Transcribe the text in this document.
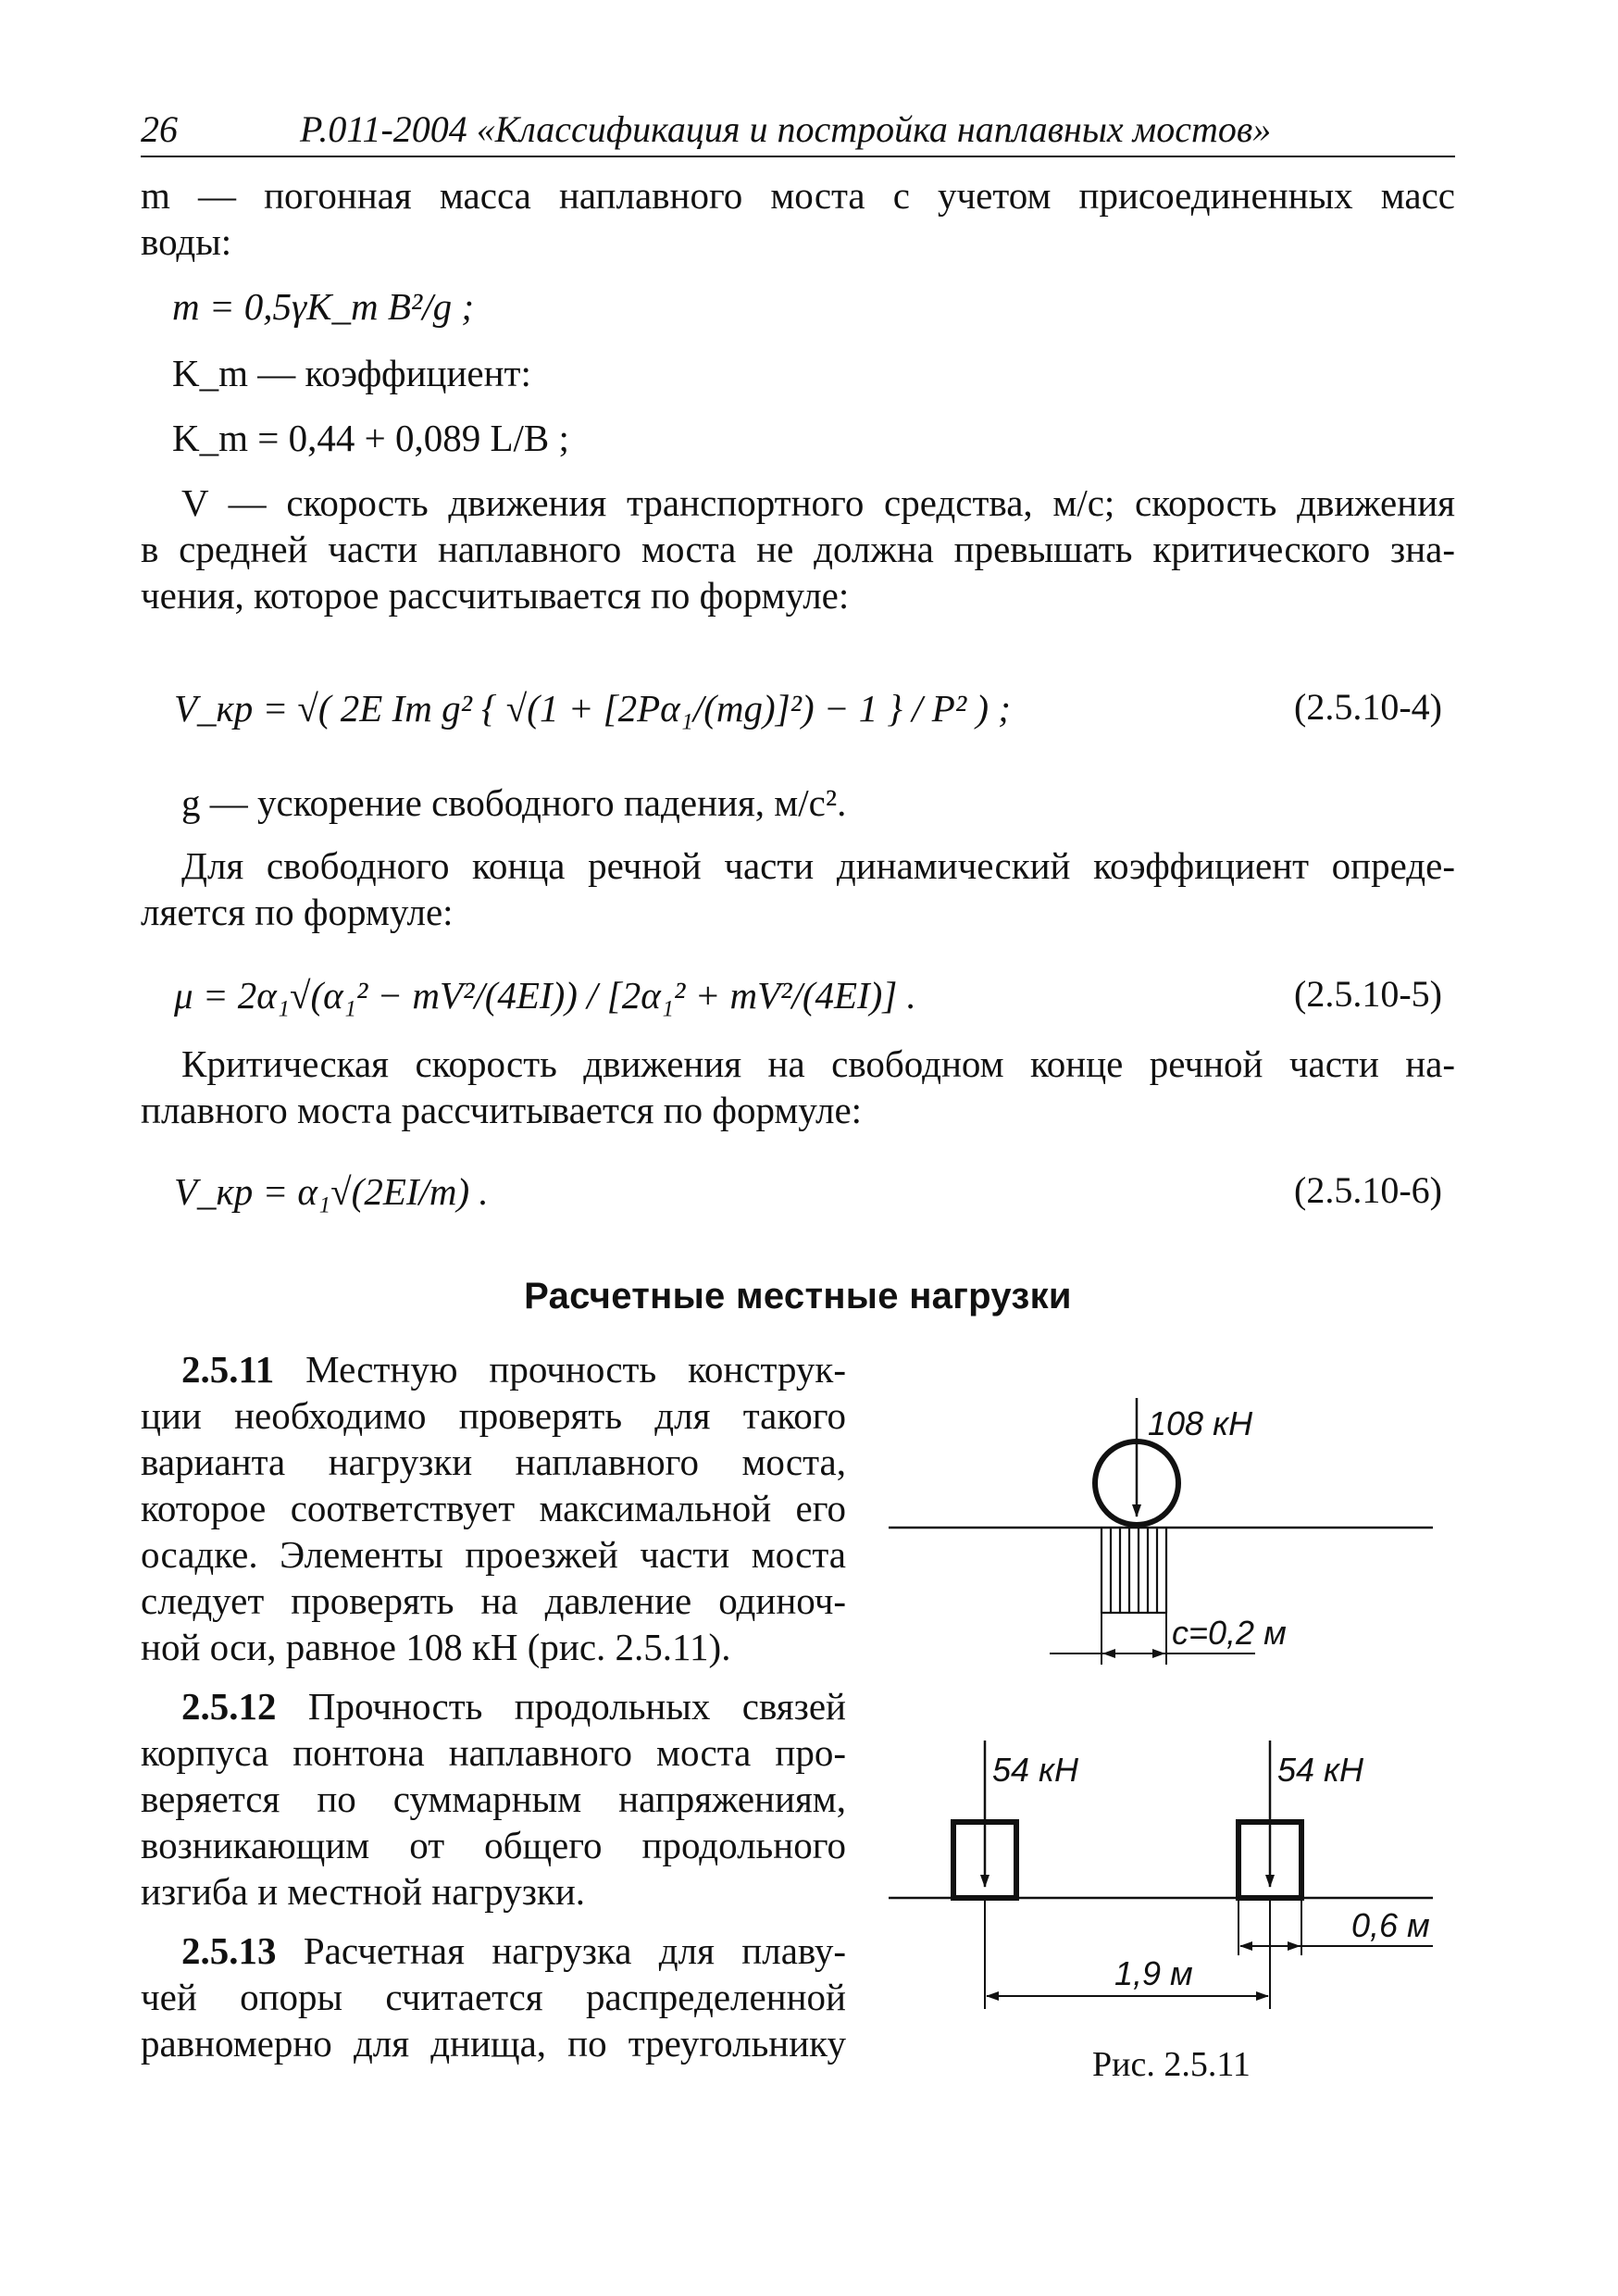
26	Р.011-2004 «Классификация и постройка наплавных мостов»
m — погонная масса наплавного моста с учетом присоединенных масс
воды:
m = 0,5γK_m B²/g ;
K_m — коэффициент:
K_m = 0,44 + 0,089 L/B ;
V — скорость движения транспортного средства, м/с; скорость движения
в средней части наплавного моста не должна превышать критического зна-
чения, которое рассчитывается по формуле:
V_кр = √( 2E Im g² { √(1 + [2Pα₁/(mg)]²) − 1 } / P² ) ;	(2.5.10-4)
g — ускорение свободного падения, м/с².
Для свободного конца речной части динамический коэффициент опреде-
ляется по формуле:
μ = 2α₁√(α₁² − mV²/(4EI)) / [2α₁² + mV²/(4EI)] .	(2.5.10-5)
Критическая скорость движения на свободном конце речной части на-
плавного моста рассчитывается по формуле:
V_кр = α₁√(2EI/m) .	(2.5.10-6)
Расчетные местные нагрузки
2.5.11 Местную прочность конструк-
ции необходимо проверять для такого
варианта нагрузки наплавного моста,
которое соответствует максимальной его
осадке. Элементы проезжей части моста
следует проверять на давление одиноч-
ной оси, равное 108 кН (рис. 2.5.11).
2.5.12 Прочность продольных связей
корпуса понтона наплавного моста про-
веряется по суммарным напряжениям,
возникающим от общего продольного
изгиба и местной нагрузки.
2.5.13 Расчетная нагрузка для плаву-
чей опоры считается распределенной
равномерно для днища, по треугольнику
108 кН
c=0,2 м
54 кН	54 кН
0,6 м
1,9 м
Рис. 2.5.11
